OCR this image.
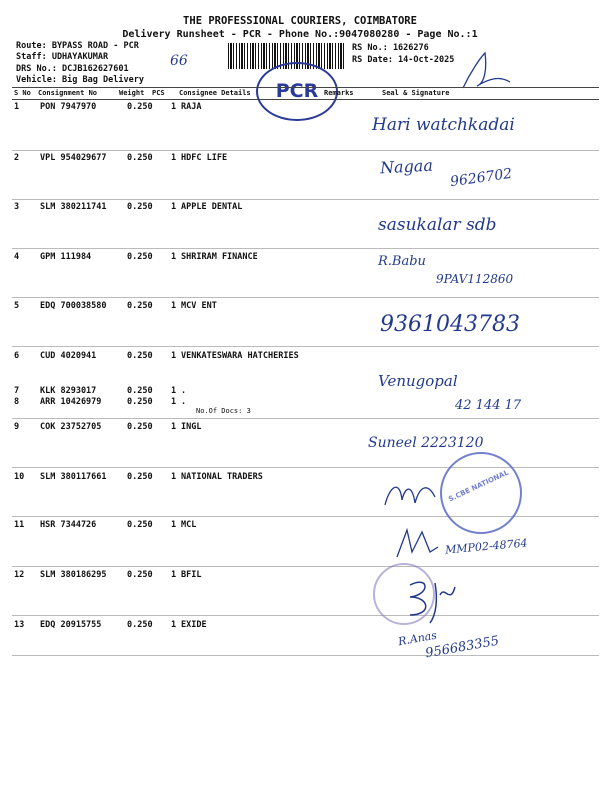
THE PROFESSIONAL COURIERS, COIMBATORE
Delivery Runsheet - PCR - Phone No.:9047080280 - Page No.:1
Route: BYPASS ROAD - PCR
Staff: UDHAYAKUMAR
DRS No.: DCJB162627601
Vehicle: Big Bag Delivery
RS No.: 1626276
RS Date: 14-Oct-2025
66
PCR
S No Consignment No	Weight PCS Consignee Details	Remarks	Seal & Signature
1 PON 7947970	0.250 1 RAJA
2 VPL 954029677 0.250 1 HDFC LIFE
3 SLM 380211741 0.250 1 APPLE DENTAL
4 GPM 111984	0.250 1 SHRIRAM FINANCE
5 EDQ 700038580 0.250 1 MCV ENT
6 CUD 4020941	0.250 1 VENKATESWARA HATCHERIES
7 KLK 8293017	0.250 1 .
8 ARR 10426979	0.250 1 .
No.Of Docs: 3
9 COK 23752705	0.250 1 INGL
10 SLM 380117661 0.250 1 NATIONAL TRADERS
11 HSR 7344726	0.250 1 MCL
12 SLM 380186295 0.250 1 BFIL
13 EDQ 20915755	0.250 1 EXIDE
Hari watchkadai
Nagaa 9626702
sasukalar sdb
R.Babu
9PAV112860
9361043783
Venugopal
42 144 17
Suneel 2223120
S.CBE NATIONAL
MMP02-48764
R.Anas
956683355
